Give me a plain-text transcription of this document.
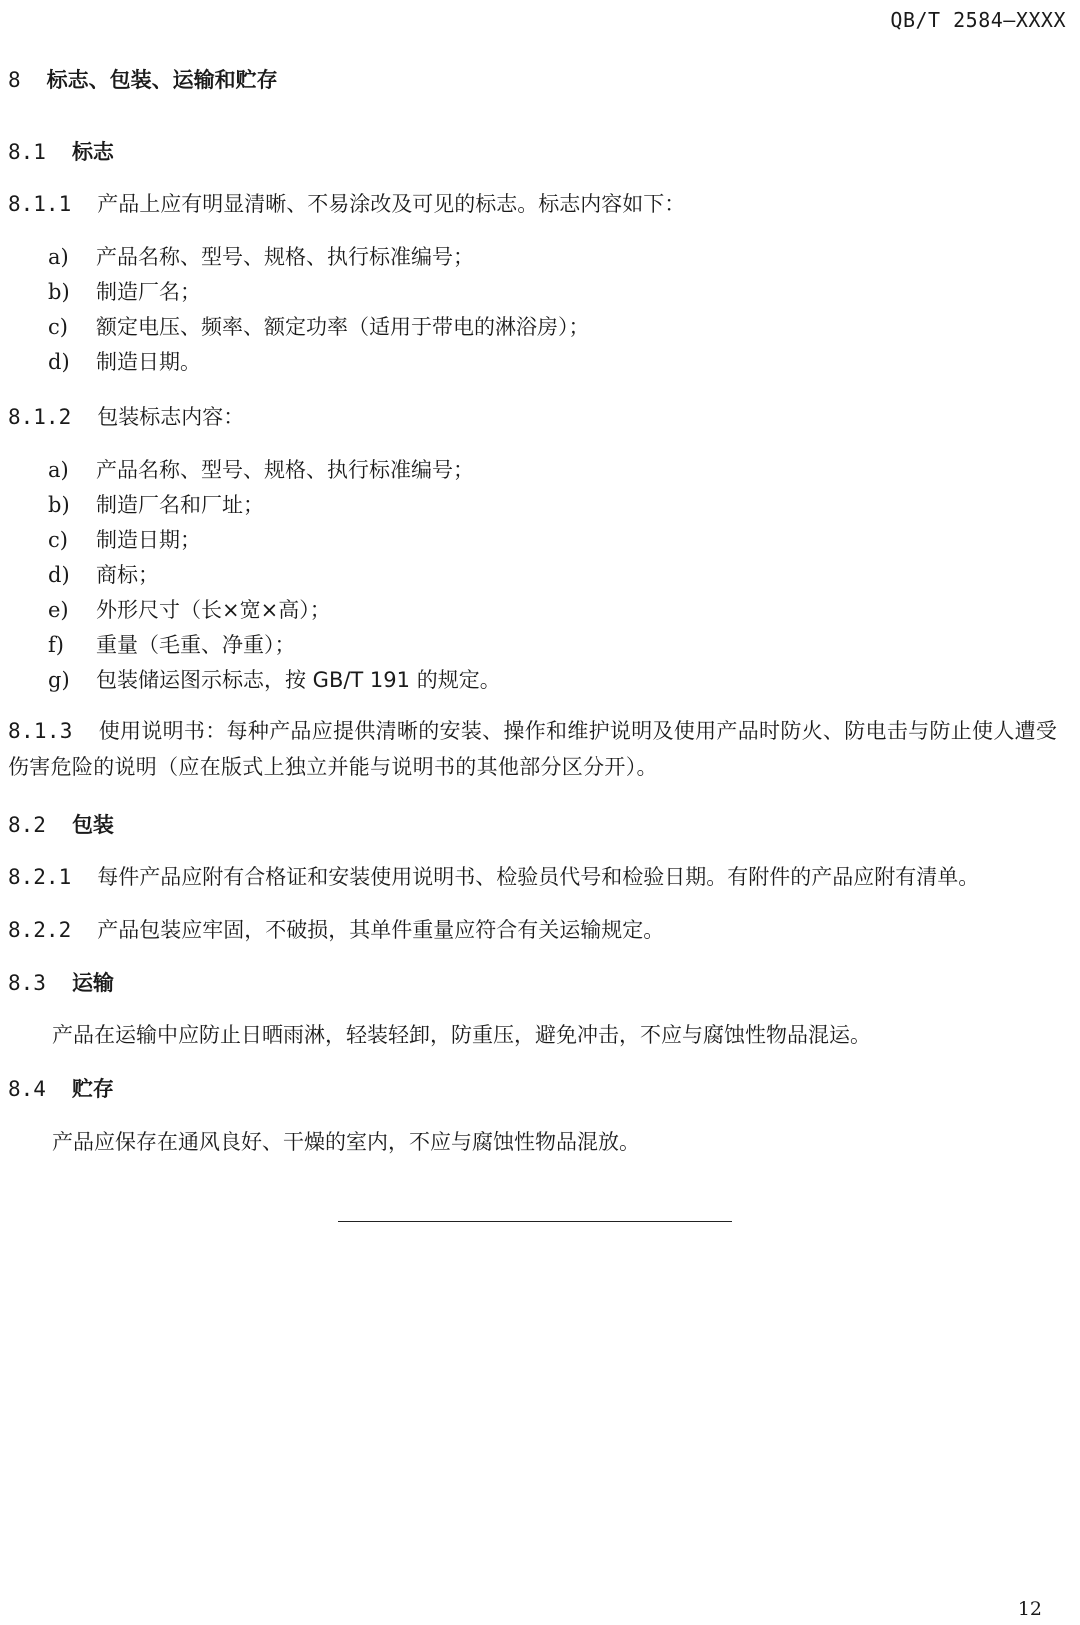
QB/T 2584—XXXX
8 标志、包装、运输和贮存
8.1 标志
8.1.1 产品上应有明显清晰、不易涂改及可见的标志。标志内容如下：
a) 产品名称、型号、规格、执行标准编号；
b) 制造厂名；
c) 额定电压、频率、额定功率（适用于带电的淋浴房）；
d) 制造日期。
8.1.2 包装标志内容：
a) 产品名称、型号、规格、执行标准编号；
b) 制造厂名和厂址；
c) 制造日期；
d) 商标；
e) 外形尺寸（长×宽×高）；
f) 重量（毛重、净重）；
g) 包装储运图示标志，按 GB/T 191 的规定。
8.1.3 使用说明书：每种产品应提供清晰的安装、操作和维护说明及使用产品时防火、防电击与防止使人遭受伤害危险的说明（应在版式上独立并能与说明书的其他部分区分开）。
8.2 包装
8.2.1 每件产品应附有合格证和安装使用说明书、检验员代号和检验日期。有附件的产品应附有清单。
8.2.2 产品包装应牢固，不破损，其单件重量应符合有关运输规定。
8.3 运输
产品在运输中应防止日晒雨淋，轻装轻卸，防重压，避免冲击，不应与腐蚀性物品混运。
8.4 贮存
产品应保存在通风良好、干燥的室内，不应与腐蚀性物品混放。
12
